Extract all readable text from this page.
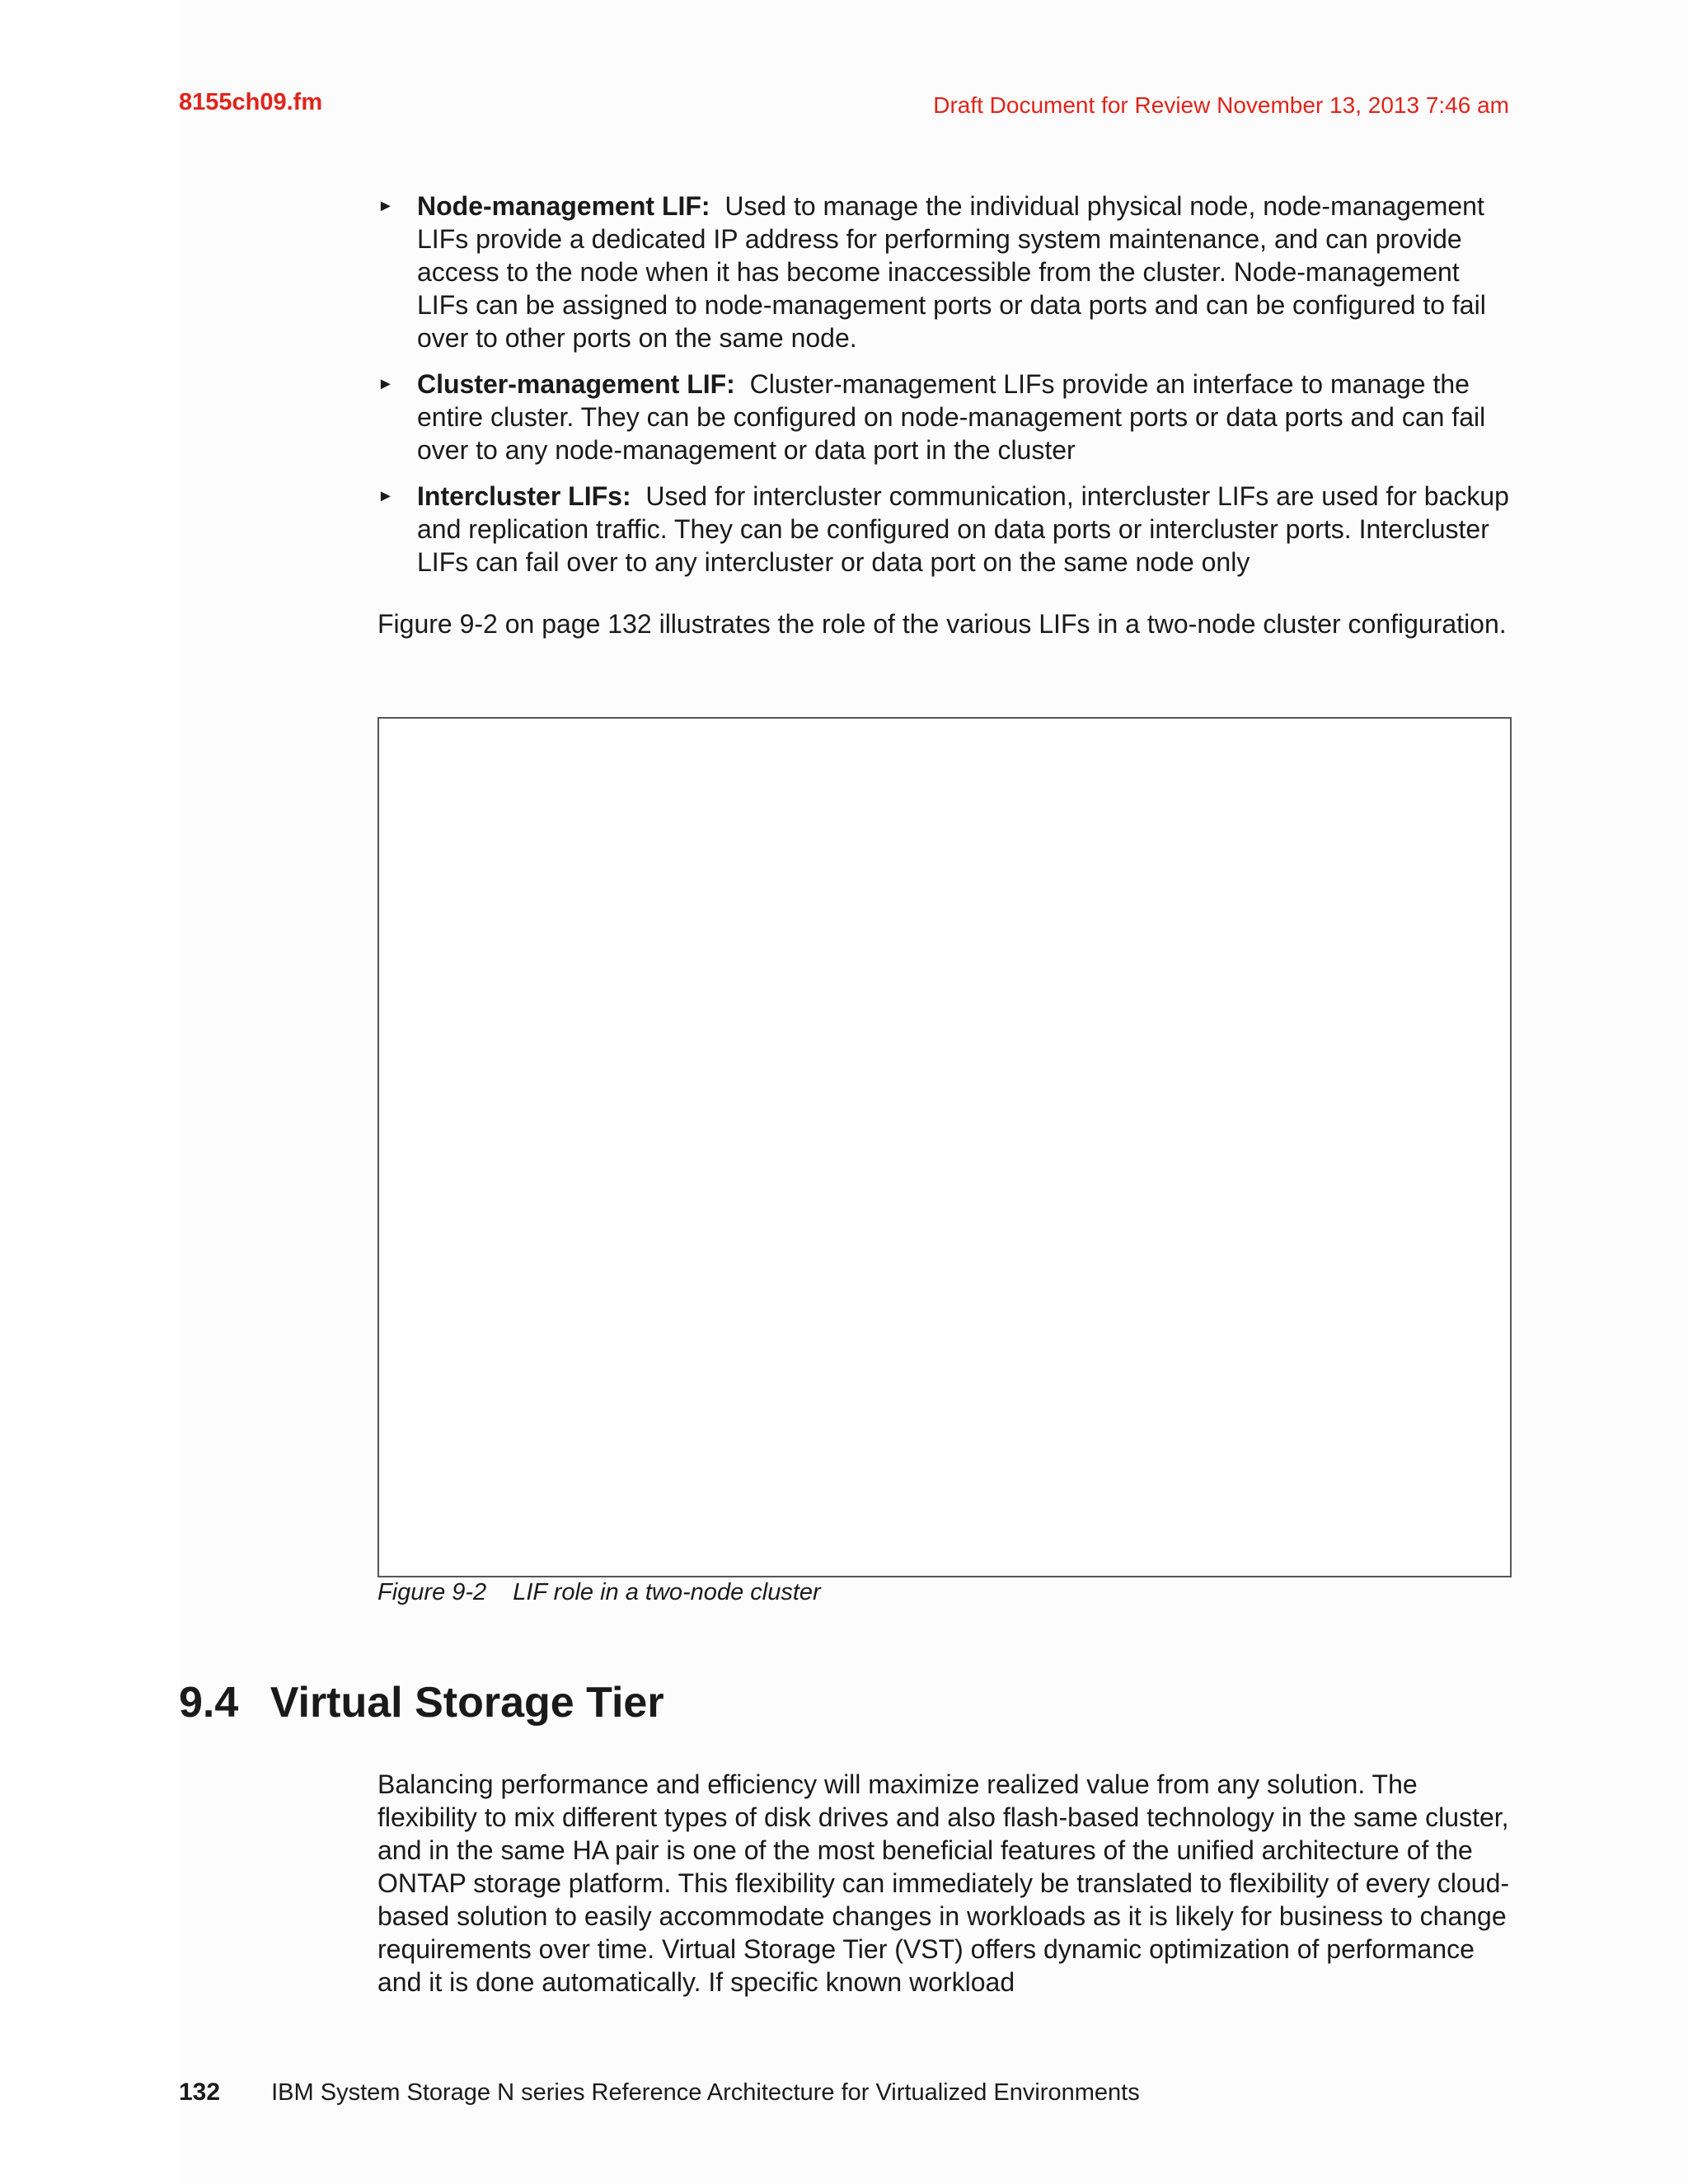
8155ch09.fm	Draft Document for Review November 13, 2013 7:46 am
► Node-management LIF: Used to manage the individual physical node, node-management LIFs provide a dedicated IP address for performing system maintenance, and can provide access to the node when it has become inaccessible from the cluster. Node-management LIFs can be assigned to node-management ports or data ports and can be configured to fail over to other ports on the same node.
► Cluster-management LIF: Cluster-management LIFs provide an interface to manage the entire cluster. They can be configured on node-management ports or data ports and can fail over to any node-management or data port in the cluster
► Intercluster LIFs: Used for intercluster communication, intercluster LIFs are used for backup and replication traffic. They can be configured on data ports or intercluster ports. Intercluster LIFs can fail over to any intercluster or data port on the same node only

Figure 9-2 on page 132 illustrates the role of the various LIFs in a two-node cluster configuration.

Figure 9-2 LIF role in a two-node cluster
9.4 Virtual Storage Tier

Balancing performance and efficiency will maximize realized value from any solution. The flexibility to mix different types of disk drives and also flash-based technology in the same cluster, and in the same HA pair is one of the most beneficial features of the unified architecture of the ONTAP storage platform. This flexibility can immediately be translated to flexibility of every cloud-based solution to easily accommodate changes in workloads as it is likely for business to change requirements over time. Virtual Storage Tier (VST) offers dynamic optimization of performance and it is done automatically. If specific known workload

132 IBM System Storage N series Reference Architecture for Virtualized Environments
